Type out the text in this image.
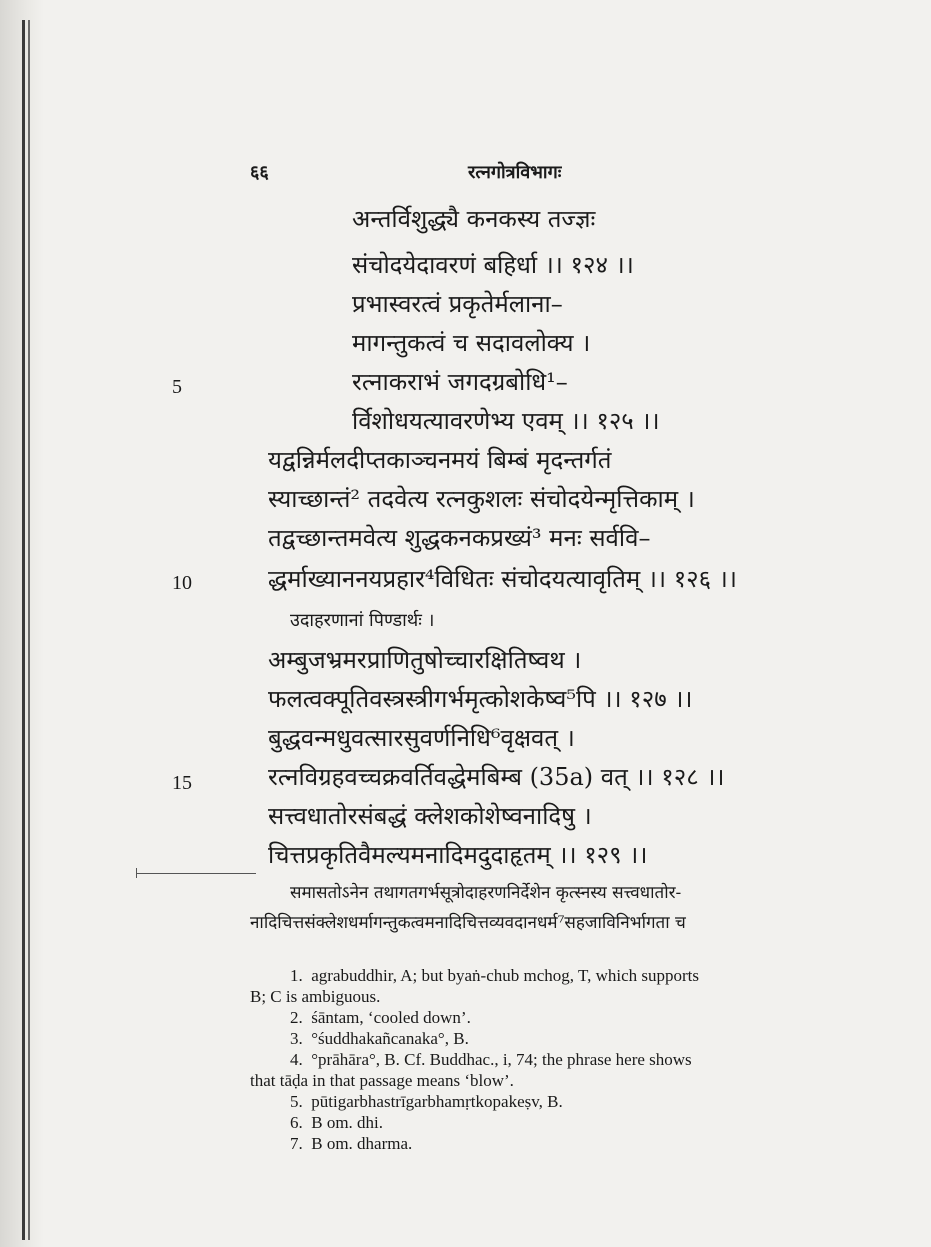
६६	रत्नगोत्रविभागः
अन्तर्विशुद्ध्यै कनकस्य तज्ज्ञः
संचोदयेदावरणं बहिर्धा ।। १२४ ।।
प्रभास्वरत्वं प्रकृतेर्मलाना–
मागन्तुकत्वं च सदावलोक्य ।
रत्नाकराभं जगदग्रबोधि¹–
र्विशोधयत्यावरणेभ्य एवम् ।। १२५ ।।
यद्वन्निर्मलदीप्तकाञ्चनमयं बिम्बं मृदन्तर्गतं
स्याच्छान्तं² तदवेत्य रत्नकुशलः संचोदयेन्मृत्तिकाम् ।
तद्वच्छान्तमवेत्य शुद्धकनकप्रख्यं³ मनः सर्ववि–
द्धर्माख्याननयप्रहार⁴विधितः संचोदयत्यावृतिम् ।। १२६ ।।
उदाहरणानां पिण्डार्थः ।
अम्बुजभ्रमरप्राणितुषोच्चारक्षितिष्वथ ।
फलत्वक्पूतिवस्त्रस्त्रीगर्भमृत्कोशकेष्व⁵पि ।। १२७ ।।
बुद्धवन्मधुवत्सारसुवर्णनिधि⁶वृक्षवत् ।
रत्नविग्रहवच्चक्रवर्तिवद्धेमबिम्ब (35a) वत् ।। १२८ ।।
सत्त्वधातोरसंबद्धं क्लेशकोशेष्वनादिषु ।
चित्तप्रकृतिवैमल्यमनादिमदुदाहृतम् ।। १२९ ।।
5
10
15
समासतोऽनेन तथागतगर्भसूत्रोदाहरणनिर्देशेन कृत्स्नस्य सत्त्वधातोर-
नादिचित्तसंक्लेशधर्मागन्तुकत्वमनादिचित्तव्यवदानधर्म⁷सहजाविनिर्भागता च
1. agrabuddhir, A; but byaṅ-chub mchog, T, which supports
B; C is ambiguous.
2. śāntam, ‘cooled down’.
3. °śuddhakañcanaka°, B.
4. °prāhāra°, B. Cf. Buddhac., i, 74; the phrase here shows
that tāḍa in that passage means ‘blow’.
5. pūtigarbhastrīgarbhamṛtkopakeṣv, B.
6. B om. dhi.
7. B om. dharma.
